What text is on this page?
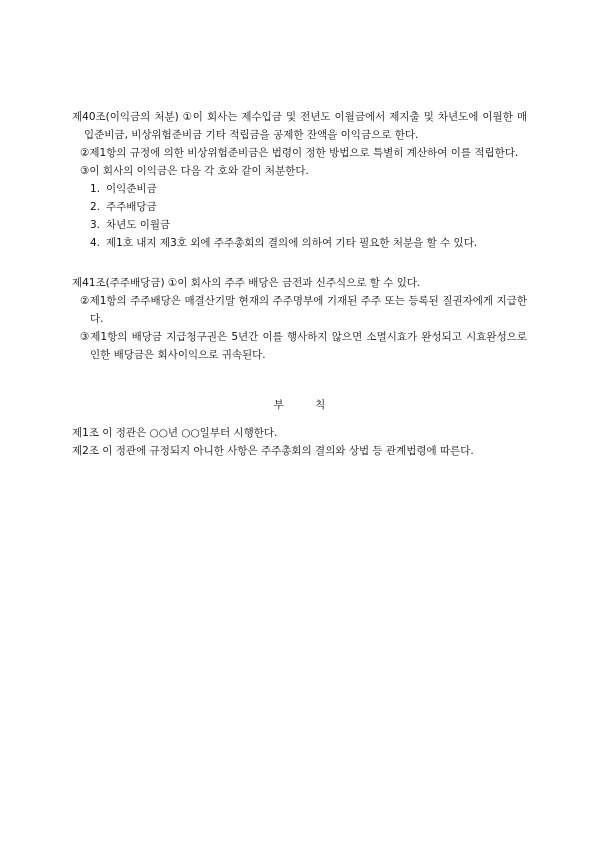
제40조(이익금의 처분) ①이 회사는 제수입금 및 전년도 이월금에서 제지출 및 차년도에 이월한 매입준비금, 비상위험준비금 기타 적립금을 공제한 잔액을 이익금으로 한다.
②제1항의 규정에 의한 비상위험준비금은 법령이 정한 방법으로 특별히 계산하여 이를 적립한다.
③이 회사의 이익금은 다음 각 호와 같이 처분한다.
1. 이익준비금
2. 주주배당금
3. 차년도 이월금
4. 제1호 내지 제3호 외에 주주총회의 결의에 의하여 기타 필요한 처분을 할 수 있다.
제41조(주주배당금) ①이 회사의 주주 배당은 금전과 신주식으로 할 수 있다.
②제1항의 주주배당은 매결산기말 현재의 주주명부에 기재된 주주 또는 등록된 질권자에게 지급한다.
③제1항의 배당금 지급청구권은 5년간 이를 행사하지 않으면 소멸시효가 완성되고 시효완성으로 인한 배당금은 회사이익으로 귀속된다.
부 칙
제1조 이 정관은 ○○년 ○○일부터 시행한다.
제2조 이 정관에 규정되지 아니한 사항은 주주총회의 결의와 상법 등 관계법령에 따른다.
